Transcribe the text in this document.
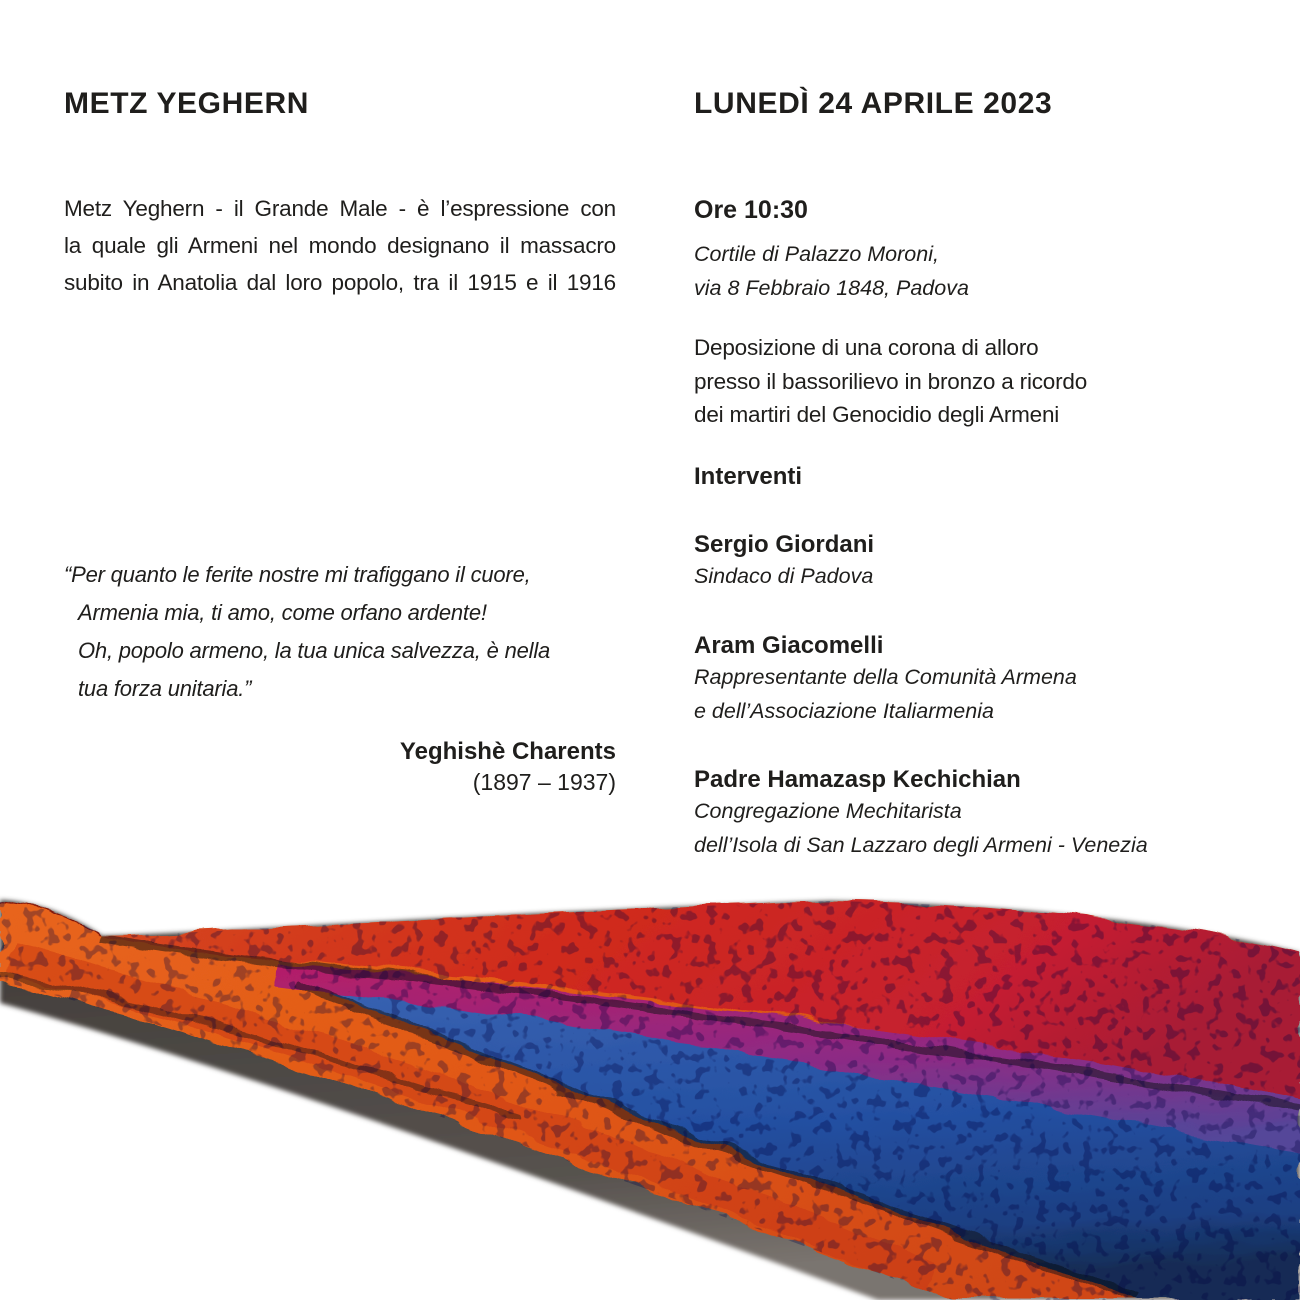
METZ YEGHERN
Metz Yeghern - il Grande Male - è l’espressione con
la quale gli Armeni nel mondo designano il massacro
subito in Anatolia dal loro popolo, tra il 1915 e il 1916
“Per quanto le ferite nostre mi trafiggano il cuore,
Armenia mia, ti amo, come orfano ardente!
Oh, popolo armeno, la tua unica salvezza, è nella
tua forza unitaria.”
Yeghishè Charents
(1897 – 1937)
LUNEDÌ 24 APRILE 2023
Ore 10:30
Cortile di Palazzo Moroni,
via 8 Febbraio 1848, Padova
Deposizione di una corona di alloro
presso il bassorilievo in bronzo a ricordo
dei martiri del Genocidio degli Armeni
Interventi
Sergio Giordani
Sindaco di Padova
Aram Giacomelli
Rappresentante della Comunità Armena
e dell’Associazione Italiarmenia
Padre Hamazasp Kechichian
Congregazione Mechitarista
dell’Isola di San Lazzaro degli Armeni - Venezia
